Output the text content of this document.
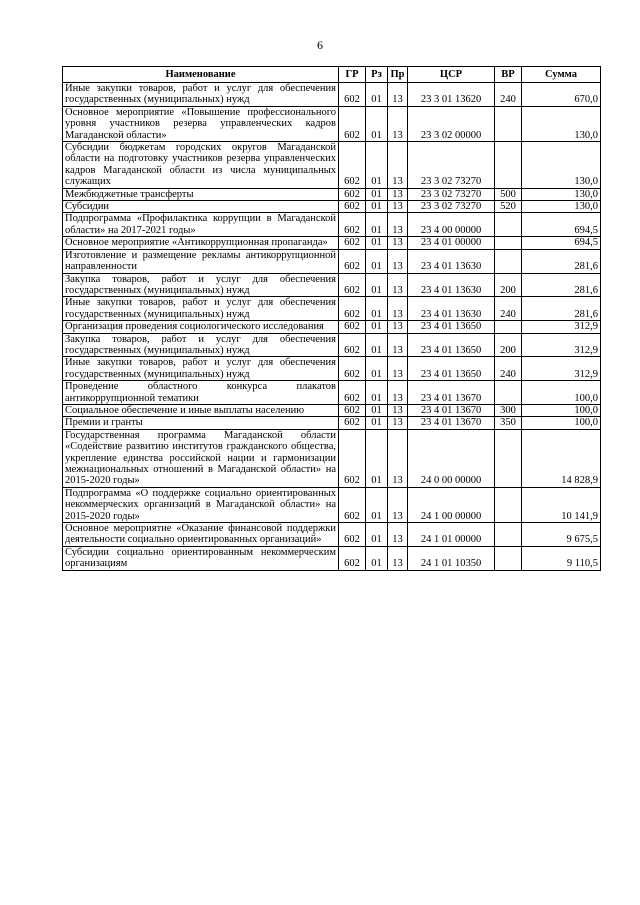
6
Наименование	ГР	Рз	Пр	ЦСР	ВР	Сумма
Иные закупки товаров, работ и услуг для обеспечения государственных (муниципальных) нужд	602	01	13	23 3 01 13620	240	670,0
Основное мероприятие «Повышение профессионального уровня участников резерва управленческих кадров Магаданской области»	602	01	13	23 3 02 00000		130,0
Субсидии бюджетам городских округов Магаданской области на подготовку участников резерва управленческих кадров Магаданской области из числа муниципальных служащих	602	01	13	23 3 02 73270		130,0
Межбюджетные трансферты	602	01	13	23 3 02 73270	500	130,0
Субсидии	602	01	13	23 3 02 73270	520	130,0
Подпрограмма «Профилактика коррупции в Магаданской области» на 2017-2021 годы»	602	01	13	23 4 00 00000		694,5
Основное мероприятие «Антикоррупционная пропаганда»	602	01	13	23 4 01 00000		694,5
Изготовление и размещение рекламы антикоррупционной направленности	602	01	13	23 4 01 13630		281,6
Закупка товаров, работ и услуг для обеспечения государственных (муниципальных) нужд	602	01	13	23 4 01 13630	200	281,6
Иные закупки товаров, работ и услуг для обеспечения государственных (муниципальных) нужд	602	01	13	23 4 01 13630	240	281,6
Организация проведения социологического исследования	602	01	13	23 4 01 13650		312,9
Закупка товаров, работ и услуг для обеспечения государственных (муниципальных) нужд	602	01	13	23 4 01 13650	200	312,9
Иные закупки товаров, работ и услуг для обеспечения государственных (муниципальных) нужд	602	01	13	23 4 01 13650	240	312,9
Проведение областного конкурса плакатов антикоррупционной тематики	602	01	13	23 4 01 13670		100,0
Социальное обеспечение и иные выплаты населению	602	01	13	23 4 01 13670	300	100,0
Премии и гранты	602	01	13	23 4 01 13670	350	100,0
Государственная программа Магаданской области «Содействие развитию институтов гражданского общества, укрепление единства российской нации и гармонизации межнациональных отношений в Магаданской области» на 2015-2020 годы»	602	01	13	24 0 00 00000		14 828,9
Подпрограмма «О поддержке социально ориентированных некоммерческих организаций в Магаданской области» на 2015-2020 годы»	602	01	13	24 1 00 00000		10 141,9
Основное мероприятие «Оказание финансовой поддержки деятельности социально ориентированных организаций»	602	01	13	24 1 01 00000		9 675,5
Субсидии социально ориентированным некоммерческим организациям	602	01	13	24 1 01 10350		9 110,5
